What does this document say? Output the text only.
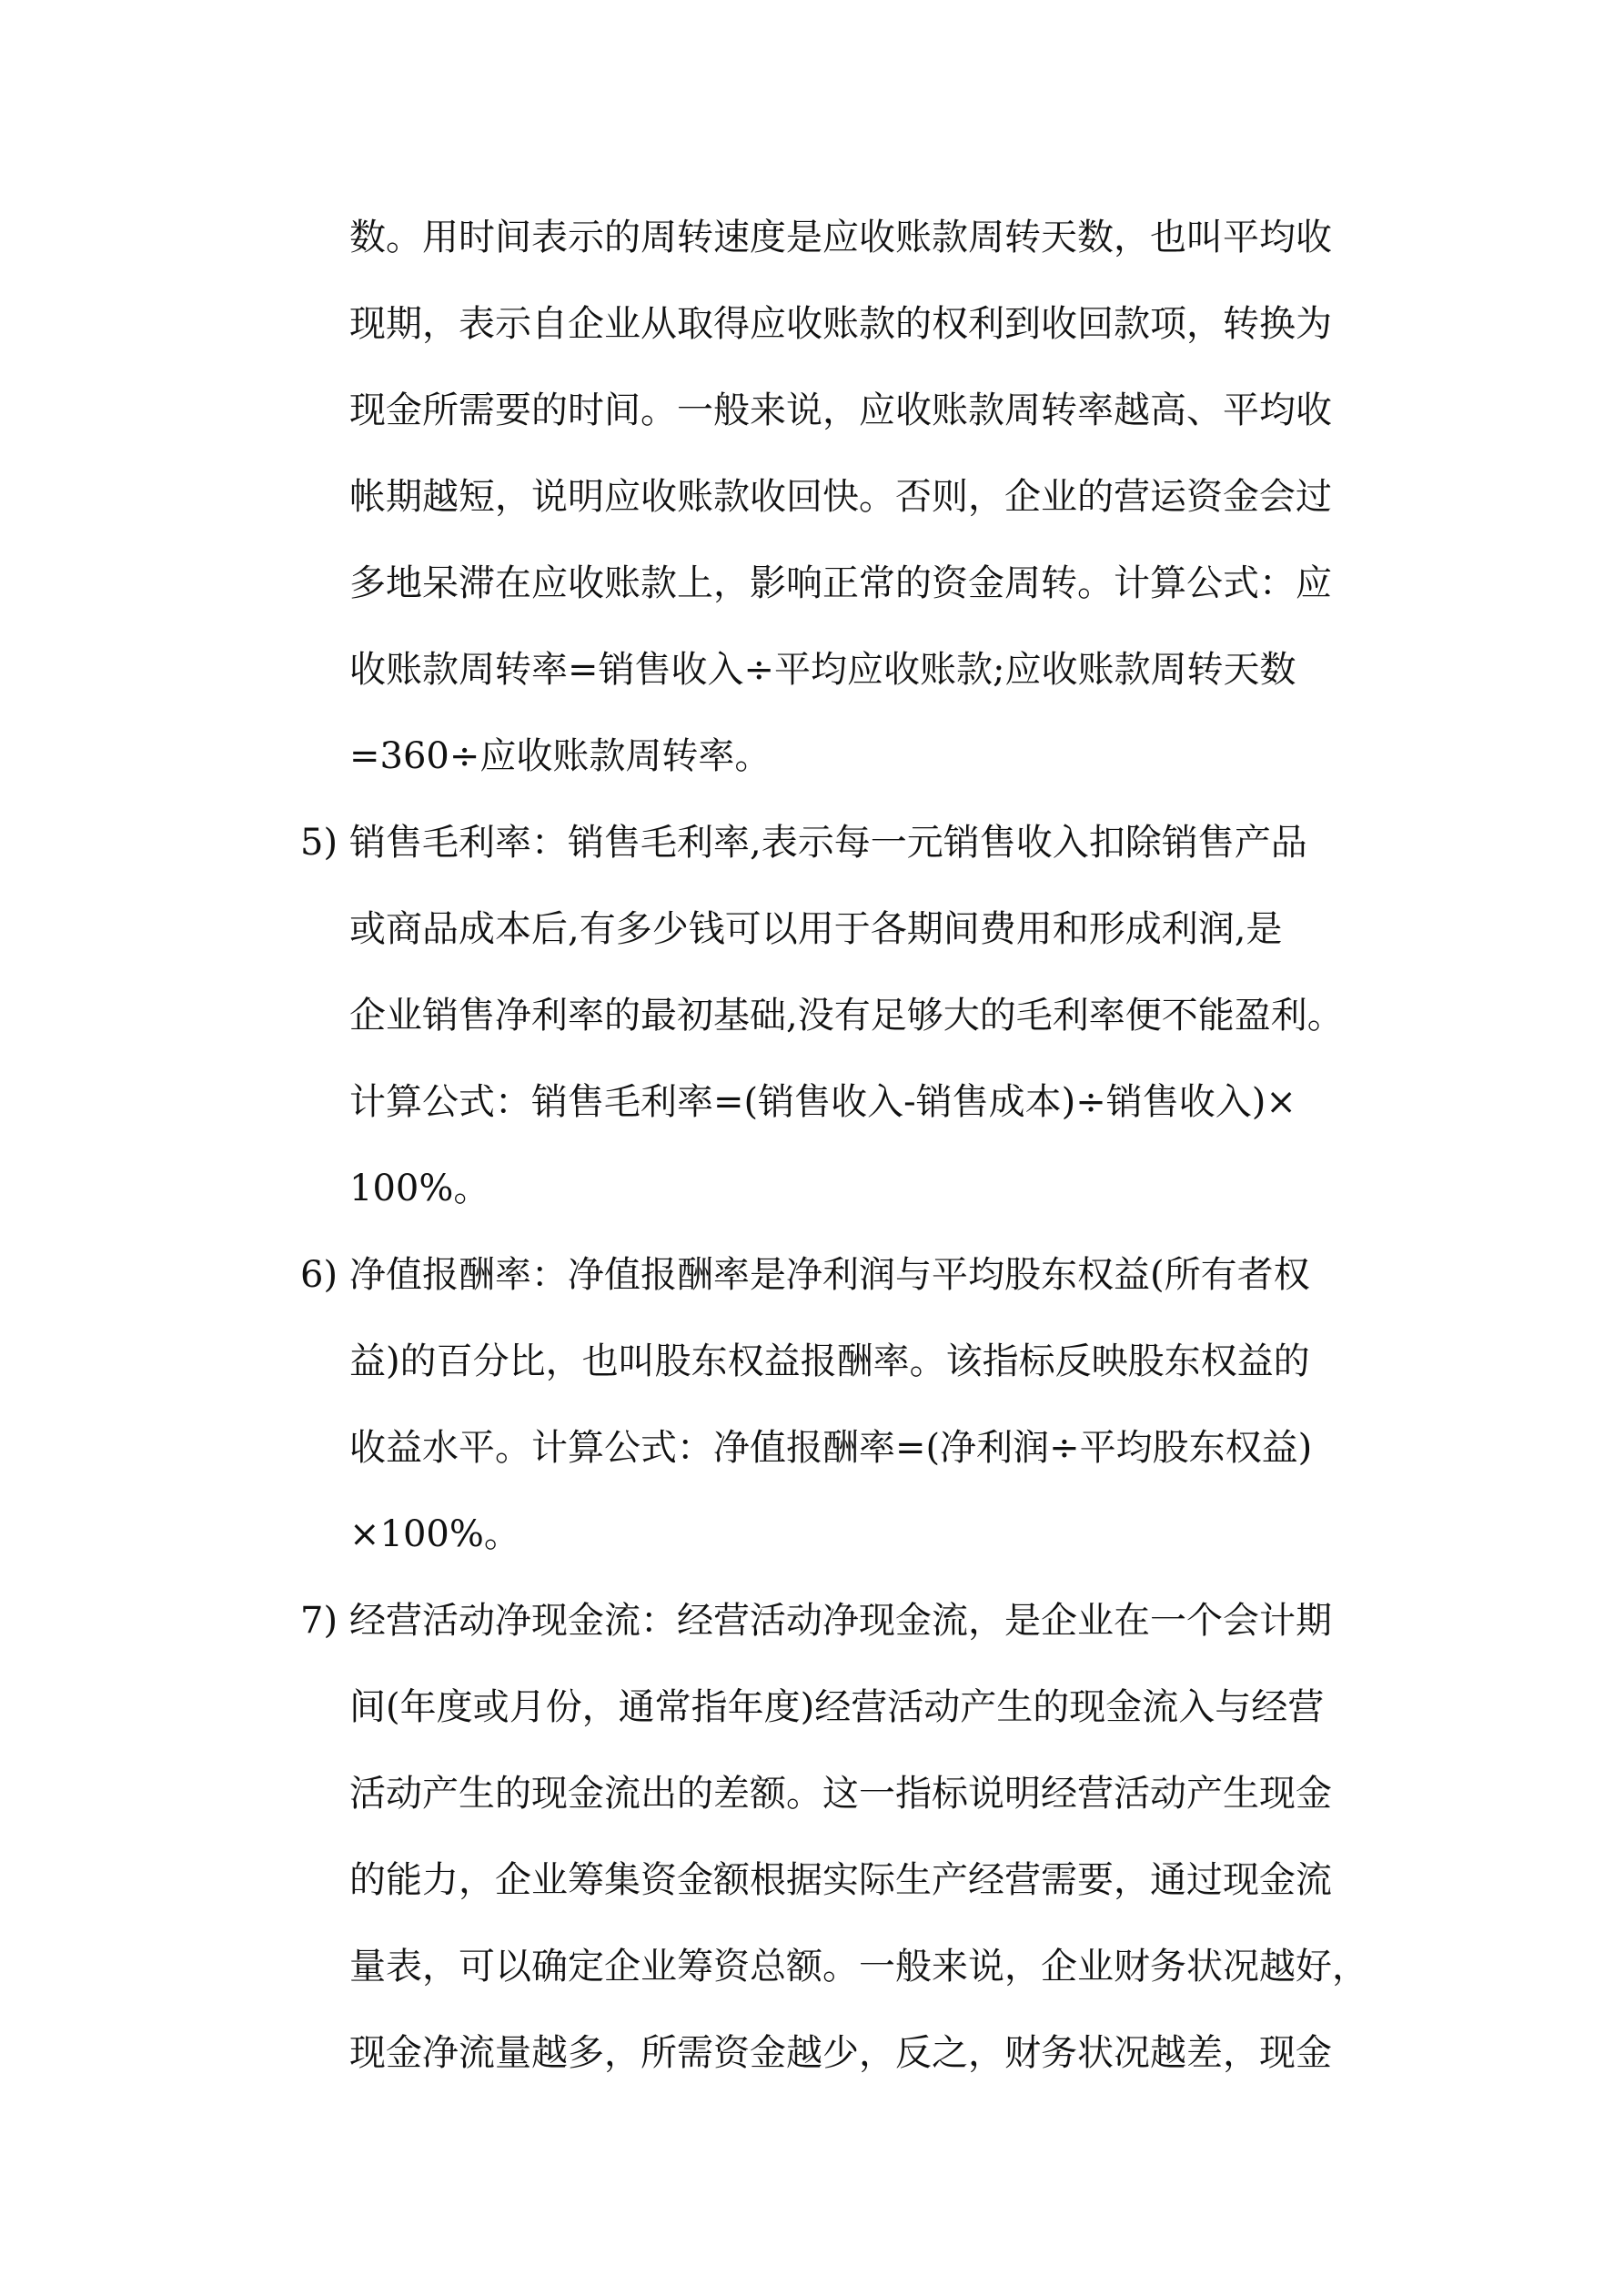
数。用时间表示的周转速度是应收账款周转天数，也叫平均收
现期，表示自企业从取得应收账款的权利到收回款项，转换为
现金所需要的时间。一般来说，应收账款周转率越高、平均收
帐期越短，说明应收账款收回快。否则，企业的营运资金会过
多地呆滞在应收账款上，影响正常的资金周转。计算公式：应
收账款周转率=销售收入÷平均应收账款;应收账款周转天数
=360÷应收账款周转率。
5) 销售毛利率：销售毛利率,表示每一元销售收入扣除销售产品
或商品成本后,有多少钱可以用于各期间费用和形成利润,是
企业销售净利率的最初基础,没有足够大的毛利率便不能盈利。
计算公式：销售毛利率=(销售收入-销售成本)÷销售收入)×
100%。
6) 净值报酬率：净值报酬率是净利润与平均股东权益(所有者权
益)的百分比，也叫股东权益报酬率。该指标反映股东权益的
收益水平。计算公式：净值报酬率=(净利润÷平均股东权益)
×100%。
7) 经营活动净现金流：经营活动净现金流，是企业在一个会计期
间(年度或月份，通常指年度)经营活动产生的现金流入与经营
活动产生的现金流出的差额。这一指标说明经营活动产生现金
的能力，企业筹集资金额根据实际生产经营需要，通过现金流
量表，可以确定企业筹资总额。一般来说，企业财务状况越好，
现金净流量越多，所需资金越少，反之，财务状况越差，现金
